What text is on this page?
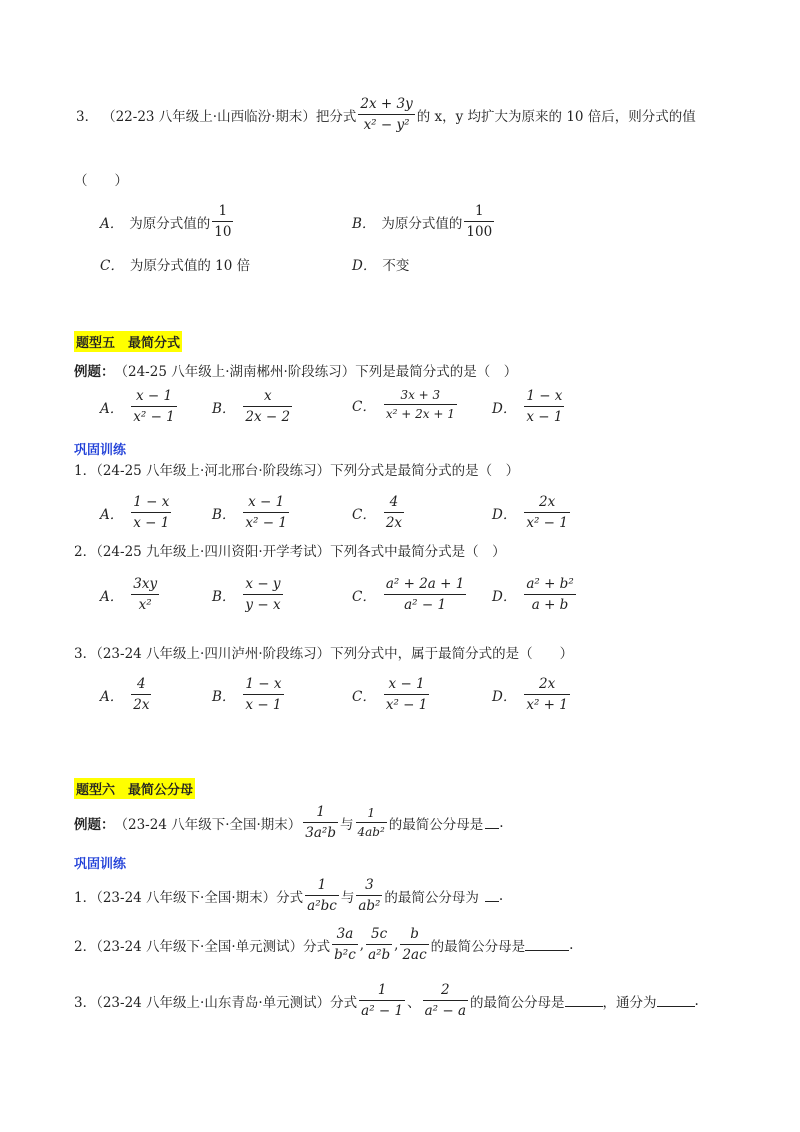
3． （22-23 八年级上·山西临汾·期末） 把分式 $\frac{2x + 3y}{\text{x² − y²}}$ 的 x，y 均扩大为原来的 10 倍后，则分式的值
（　　）
A． 为原分式值的 $\frac{1}{10}$	B． 为原分式值的 $\frac{1}{100}$
C． 为原分式值的 10 倍	D． 不变
题型五　最简分式
例题： （24-25 八年级上·湖南郴州·阶段练习）下列是最简分式的是（　）
A． $\frac{x - 1}{\text{x² − 1}}$	B． $\frac{x}{2x - 2}$	C． $\frac{3x + 3}{\text{x² + 2x + 1}}$	D． $\frac{1 - x}{x - 1}$
巩固训练
1．（24-25 八年级上·河北邢台·阶段练习）下列分式是最简分式的是（　）
A． $\frac{1 - x}{x - 1}$	B． $\frac{x - 1}{\text{x² − 1}}$	C． $\frac{4}{2x}$	D． $\frac{2x}{\text{x² − 1}}$
2．（24-25 九年级上·四川资阳·开学考试）下列各式中最简分式是（　）
A． $\frac{3xy}{\text{x²}}$	B． $\frac{x - y}{y - x}$	C． $\frac{\text{a² + 2a + 1}}{\text{a² − 1}}$ D． $\frac{\text{a² + b²}}{a + b}$
3．（23-24 八年级上·四川泸州·阶段练习）下列分式中，属于最简分式的是（　　）
A． $\frac{4}{2x}$	B． $\frac{1 - x}{x - 1}$	C． $\frac{x - 1}{\text{x² − 1}}$	D． $\frac{2x}{\text{x² + 1}}$
题型六　最简公分母
例题： （23-24 八年级下·全国·期末） $\frac{1}{\text{3a²b}}$ 与 $\frac{1}{\text{4ab²}}$ 的最简公分母是 .
巩固训练
1．（23-24 八年级下·全国·期末）分式 $\frac{1}{\text{a²bc}}$ 与 $\frac{3}{\text{ab²}}$ 的最简公分母为 .
2．（23-24 八年级下·全国·单元测试）分式 $\frac{3a}{\text{b²c}}$ , $\frac{5c}{\text{a²b}}$ , $\frac{b}{2ac}$ 的最简公分母是	.
3．（23-24 八年级上·山东青岛·单元测试）分式 $\frac{1}{\text{a² − 1}}$ 、 $\frac{2}{\text{a² − a}}$ 的最简公分母是	，通分为	.
